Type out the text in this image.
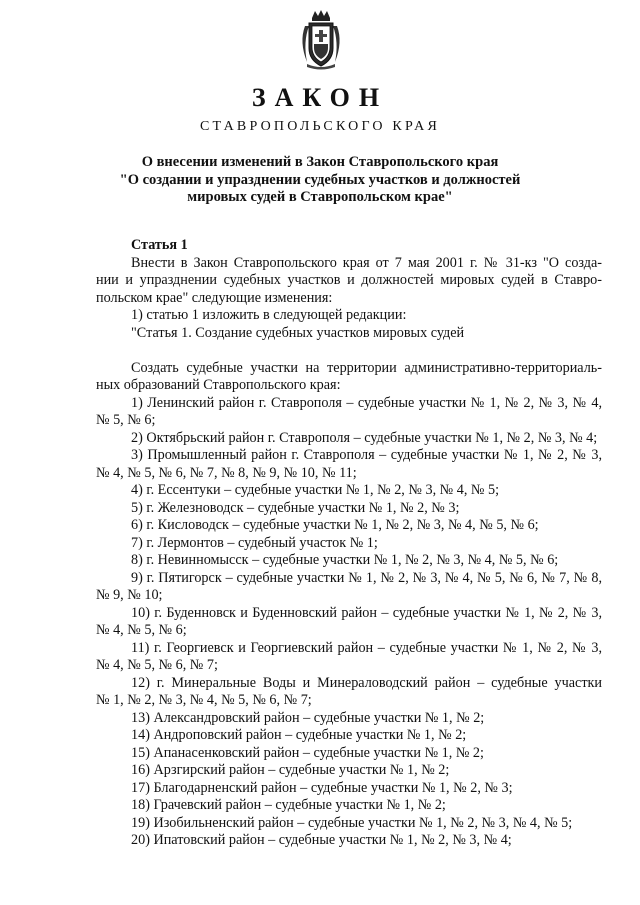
ЗАКОН
СТАВРОПОЛЬСКОГО КРАЯ
О внесении изменений в Закон Ставропольского края
"О создании и упразднении судебных участков и должностей
мировых судей в Ставропольском крае"
Статья 1
Внести в Закон Ставропольского края от 7 мая 2001 г. № 31-кз "О созда-
нии и упразднении судебных участков и должностей мировых судей в Ставро-
польском крае" следующие изменения:
1) статью 1 изложить в следующей редакции:
"Статья 1. Создание судебных участков мировых судей
Создать судебные участки на территории административно-территориаль-
ных образований Ставропольского края:
1) Ленинский район г. Ставрополя – судебные участки № 1, № 2, № 3, № 4,
№ 5, № 6;
2) Октябрьский район г. Ставрополя – судебные участки № 1, № 2, № 3, № 4;
3) Промышленный район г. Ставрополя – судебные участки № 1, № 2, № 3,
№ 4, № 5, № 6, № 7, № 8, № 9, № 10, № 11;
4) г. Ессентуки – судебные участки № 1, № 2, № 3, № 4, № 5;
5) г. Железноводск – судебные участки № 1, № 2, № 3;
6) г. Кисловодск – судебные участки № 1, № 2, № 3, № 4, № 5, № 6;
7) г. Лермонтов – судебный участок № 1;
8) г. Невинномысск – судебные участки № 1, № 2, № 3, № 4, № 5, № 6;
9) г. Пятигорск – судебные участки № 1, № 2, № 3, № 4, № 5, № 6, № 7, № 8,
№ 9, № 10;
10) г. Буденновск и Буденновский район – судебные участки № 1, № 2, № 3,
№ 4, № 5, № 6;
11) г. Георгиевск и Георгиевский район – судебные участки № 1, № 2, № 3,
№ 4, № 5, № 6, № 7;
12) г. Минеральные Воды и Минераловодский район – судебные участки
№ 1, № 2, № 3, № 4, № 5, № 6, № 7;
13) Александровский район – судебные участки № 1, № 2;
14) Андроповский район – судебные участки № 1, № 2;
15) Апанасенковский район – судебные участки № 1, № 2;
16) Арзгирский район – судебные участки № 1, № 2;
17) Благодарненский район – судебные участки № 1, № 2, № 3;
18) Грачевский район – судебные участки № 1, № 2;
19) Изобильненский район – судебные участки № 1, № 2, № 3, № 4, № 5;
20) Ипатовский район – судебные участки № 1, № 2, № 3, № 4;
